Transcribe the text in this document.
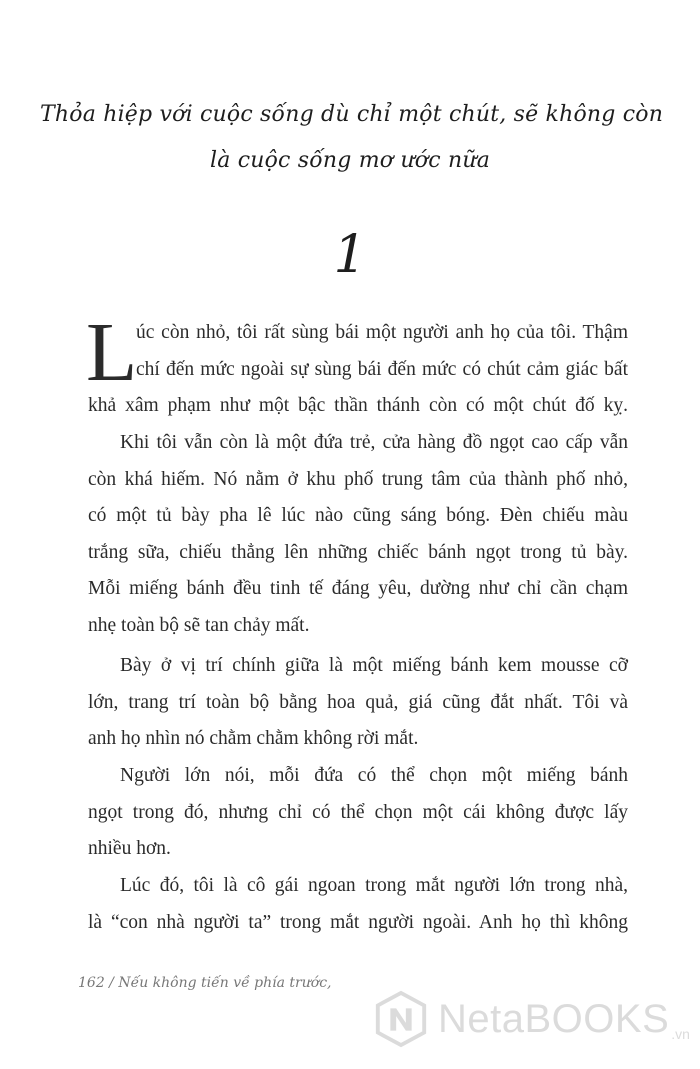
Thỏa hiệp với cuộc sống dù chỉ một chút, sẽ không còn
là cuộc sống mơ ước nữa
1
L
úc còn nhỏ, tôi rất sùng bái một người anh họ của tôi. Thậm
chí đến mức ngoài sự sùng bái đến mức có chút cảm giác bất
khả xâm phạm như một bậc thần thánh còn có một chút đố kỵ.
Khi tôi vẫn còn là một đứa trẻ, cửa hàng đồ ngọt cao cấp vẫn
còn khá hiếm. Nó nằm ở khu phố trung tâm của thành phố nhỏ,
có một tủ bày pha lê lúc nào cũng sáng bóng. Đèn chiếu màu
trắng sữa, chiếu thẳng lên những chiếc bánh ngọt trong tủ bày.
Mỗi miếng bánh đều tinh tế đáng yêu, dường như chỉ cần chạm
nhẹ toàn bộ sẽ tan chảy mất.
Bày ở vị trí chính giữa là một miếng bánh kem mousse cỡ
lớn, trang trí toàn bộ bằng hoa quả, giá cũng đắt nhất. Tôi và
anh họ nhìn nó chằm chằm không rời mắt.
Người lớn nói, mỗi đứa có thể chọn một miếng bánh
ngọt trong đó, nhưng chỉ có thể chọn một cái không được lấy
nhiều hơn.
Lúc đó, tôi là cô gái ngoan trong mắt người lớn trong nhà,
là “con nhà người ta” trong mắt người ngoài. Anh họ thì không
162 / Nếu không tiến về phía trước,
NetaBOOKS .vn
